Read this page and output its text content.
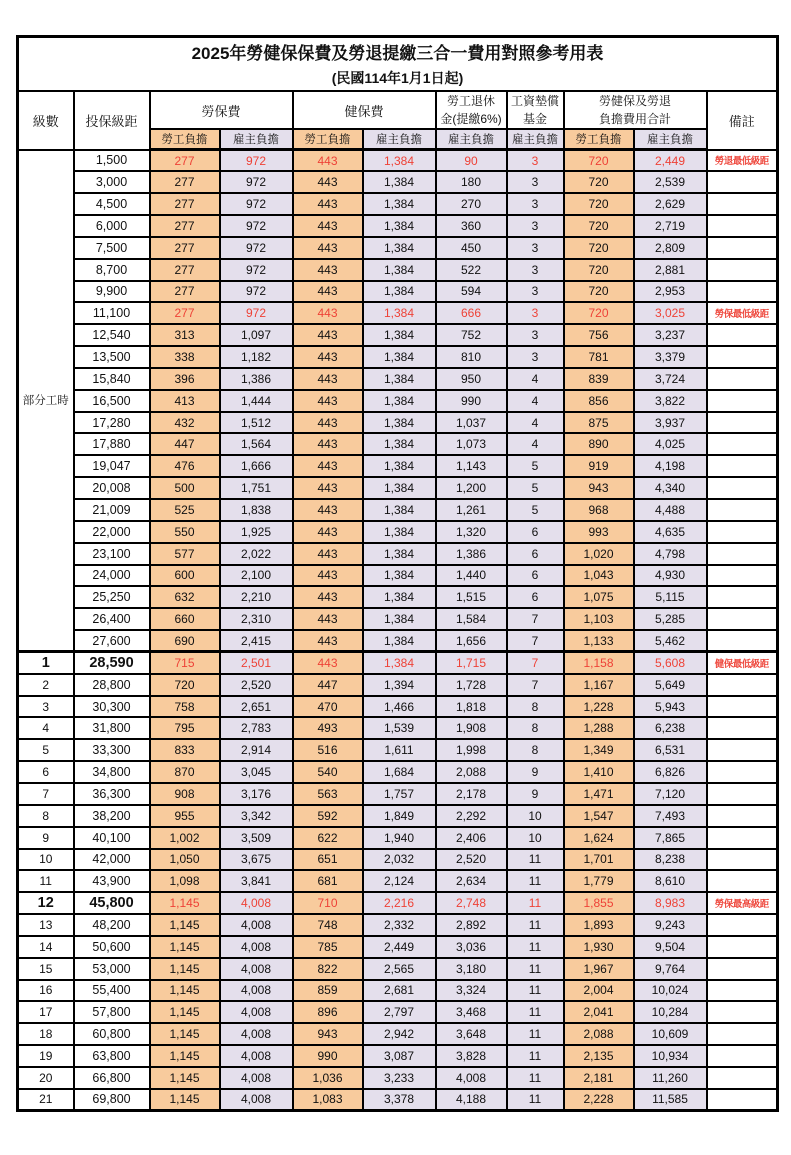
2025年勞健保保費及勞退提繳三合一費用對照參考用表
(民國114年1月1日起)										

級數	投保級距	勞保費		健保費		勞工退休
金(提繳6%)	工資墊償
基金	勞健保及勞退
負擔費用合計		備註

		勞工負擔	雇主負擔	勞工負擔	雇主負擔	雇主負擔	雇主負擔	勞工負擔	雇主負擔	
部分工時	1,500	277	972	443	1,384	90	3	720	2,449	勞退最低級距
	3,000	277	972	443	1,384	180	3	720	2,539	
	4,500	277	972	443	1,384	270	3	720	2,629	
	6,000	277	972	443	1,384	360	3	720	2,719	
	7,500	277	972	443	1,384	450	3	720	2,809	
	8,700	277	972	443	1,384	522	3	720	2,881	
	9,900	277	972	443	1,384	594	3	720	2,953	
	11,100	277	972	443	1,384	666	3	720	3,025	勞保最低級距
	12,540	313	1,097	443	1,384	752	3	756	3,237	
	13,500	338	1,182	443	1,384	810	3	781	3,379	
	15,840	396	1,386	443	1,384	950	4	839	3,724	
	16,500	413	1,444	443	1,384	990	4	856	3,822	
	17,280	432	1,512	443	1,384	1,037	4	875	3,937	
	17,880	447	1,564	443	1,384	1,073	4	890	4,025	
	19,047	476	1,666	443	1,384	1,143	5	919	4,198	
	20,008	500	1,751	443	1,384	1,200	5	943	4,340	
	21,009	525	1,838	443	1,384	1,261	5	968	4,488	
	22,000	550	1,925	443	1,384	1,320	6	993	4,635	
	23,100	577	2,022	443	1,384	1,386	6	1,020	4,798	
	24,000	600	2,100	443	1,384	1,440	6	1,043	4,930	
	25,250	632	2,210	443	1,384	1,515	6	1,075	5,115	
	26,400	660	2,310	443	1,384	1,584	7	1,103	5,285	
	27,600	690	2,415	443	1,384	1,656	7	1,133	5,462	
1	28,590	715	2,501	443	1,384	1,715	7	1,158	5,608	健保最低級距
2	28,800	720	2,520	447	1,394	1,728	7	1,167	5,649	
3	30,300	758	2,651	470	1,466	1,818	8	1,228	5,943	
4	31,800	795	2,783	493	1,539	1,908	8	1,288	6,238	
5	33,300	833	2,914	516	1,611	1,998	8	1,349	6,531	
6	34,800	870	3,045	540	1,684	2,088	9	1,410	6,826	
7	36,300	908	3,176	563	1,757	2,178	9	1,471	7,120	
8	38,200	955	3,342	592	1,849	2,292	10	1,547	7,493	
9	40,100	1,002	3,509	622	1,940	2,406	10	1,624	7,865	
10	42,000	1,050	3,675	651	2,032	2,520	11	1,701	8,238	
11	43,900	1,098	3,841	681	2,124	2,634	11	1,779	8,610	
12	45,800	1,145	4,008	710	2,216	2,748	11	1,855	8,983	勞保最高級距
13	48,200	1,145	4,008	748	2,332	2,892	11	1,893	9,243	
14	50,600	1,145	4,008	785	2,449	3,036	11	1,930	9,504	
15	53,000	1,145	4,008	822	2,565	3,180	11	1,967	9,764	
16	55,400	1,145	4,008	859	2,681	3,324	11	2,004	10,024	
17	57,800	1,145	4,008	896	2,797	3,468	11	2,041	10,284	
18	60,800	1,145	4,008	943	2,942	3,648	11	2,088	10,609	
19	63,800	1,145	4,008	990	3,087	3,828	11	2,135	10,934	
20	66,800	1,145	4,008	1,036	3,233	4,008	11	2,181	11,260	
21	69,800	1,145	4,008	1,083	3,378	4,188	11	2,228	11,585	
